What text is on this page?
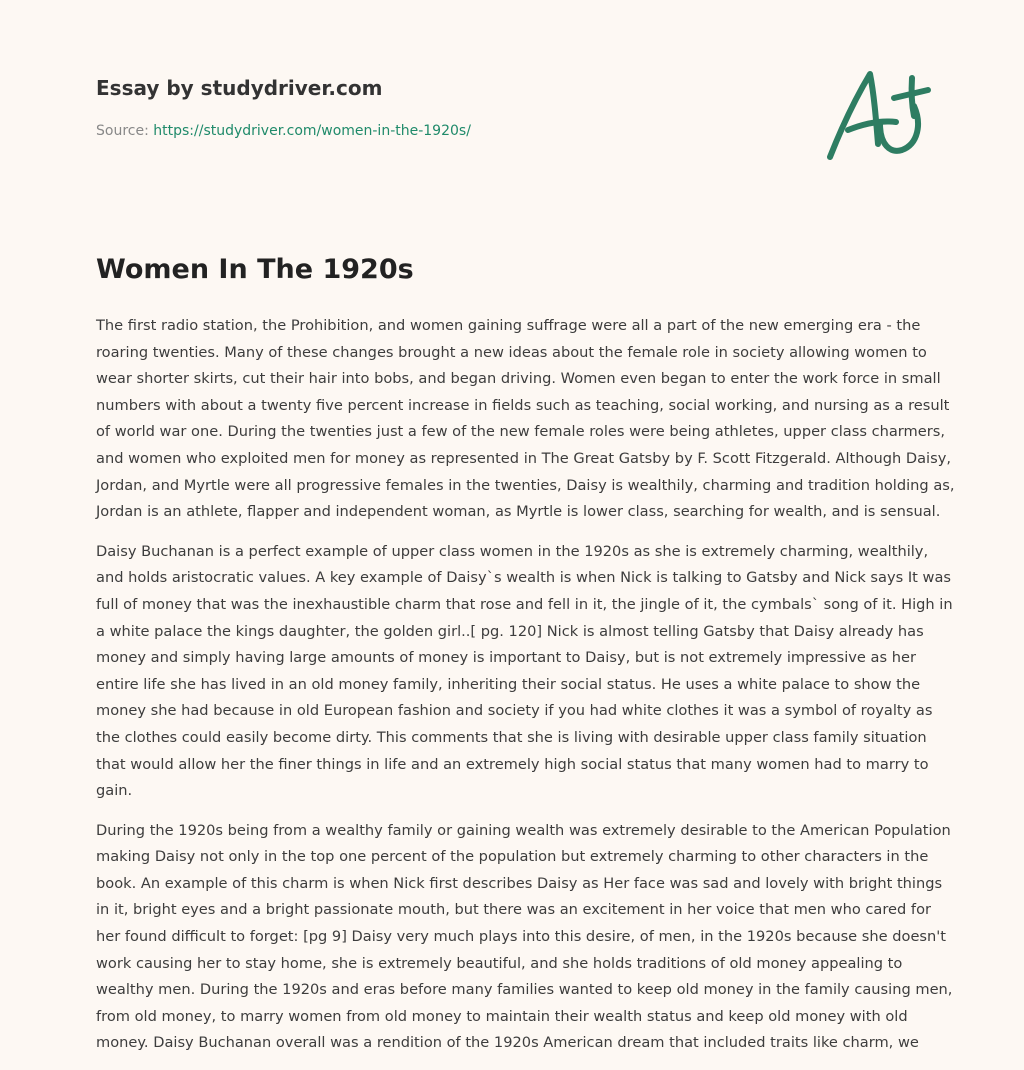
Essay by studydriver.com
Source: https://studydriver.com/women-in-the-1920s/
Women In The 1920s

The first radio station, the Prohibition, and women gaining suffrage were all a part of the new emerging era - the roaring twenties. Many of these changes brought a new ideas about the female role in society allowing women to wear shorter skirts, cut their hair into bobs, and began driving. Women even began to enter the work force in small numbers with about a twenty five percent increase in fields such as teaching, social working, and nursing as a result of world war one. During the twenties just a few of the new female roles were being athletes, upper class charmers, and women who exploited men for money as represented in The Great Gatsby by F. Scott Fitzgerald. Although Daisy, Jordan, and Myrtle were all progressive females in the twenties, Daisy is wealthily, charming and tradition holding as, Jordan is an athlete, flapper and independent woman, as Myrtle is lower class, searching for wealth, and is sensual.

Daisy Buchanan is a perfect example of upper class women in the 1920s as she is extremely charming, wealthily, and holds aristocratic values. A key example of Daisy`s wealth is when Nick is talking to Gatsby and Nick says It was full of money that was the inexhaustible charm that rose and fell in it, the jingle of it, the cymbals` song of it. High in a white palace the kings daughter, the golden girl..[ pg. 120] Nick is almost telling Gatsby that Daisy already has money and simply having large amounts of money is important to Daisy, but is not extremely impressive as her entire life she has lived in an old money family, inheriting their social status. He uses a white palace to show the money she had because in old European fashion and society if you had white clothes it was a symbol of royalty as the clothes could easily become dirty. This comments that she is living with desirable upper class family situation that would allow her the finer things in life and an extremely high social status that many women had to marry to gain.

During the 1920s being from a wealthy family or gaining wealth was extremely desirable to the American Population making Daisy not only in the top one percent of the population but extremely charming to other characters in the book. An example of this charm is when Nick first describes Daisy as Her face was sad and lovely with bright things in it, bright eyes and a bright passionate mouth, but there was an excitement in her voice that men who cared for her found difficult to forget: [pg 9] Daisy very much plays into this desire, of men, in the 1920s because she doesn't work causing her to stay home, she is extremely beautiful, and she holds traditions of old money appealing to wealthy men. During the 1920s and eras before many families wanted to keep old money in the family causing men, from old money, to marry women from old money to maintain their wealth status and keep old money with old money. Daisy Buchanan overall was a rendition of the 1920s American dream that included traits like charm, we
